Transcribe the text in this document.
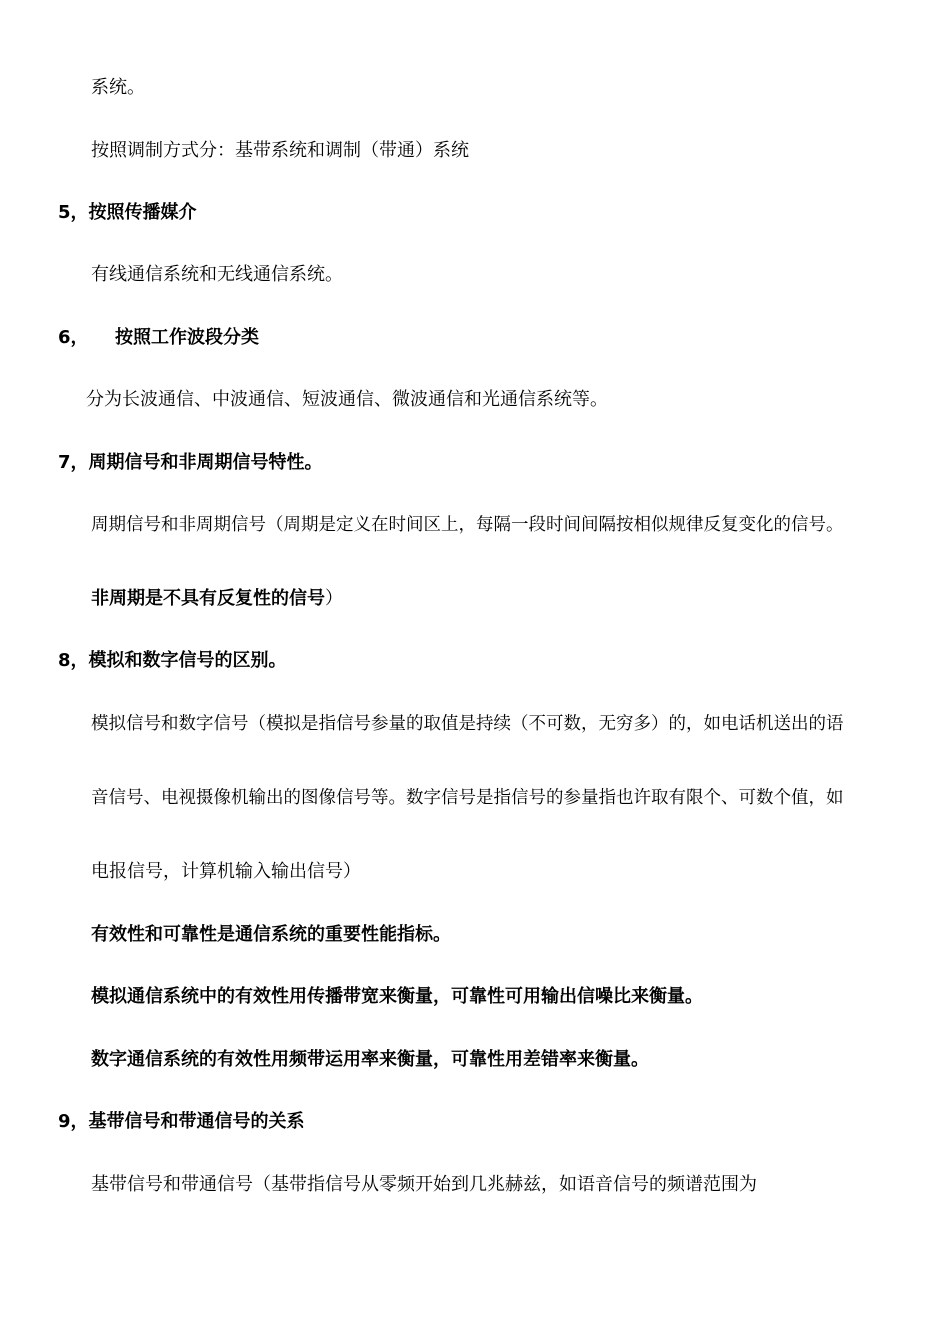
系统。
按照调制方式分：基带系统和调制（带通）系统
5，按照传播媒介
有线通信系统和无线通信系统。
6， 按照工作波段分类
分为长波通信、中波通信、短波通信、微波通信和光通信系统等。
7，周期信号和非周期信号特性。
周期信号和非周期信号（周期是定义在时间区上，每隔一段时间间隔按相似规律反复变化的信号。
非周期是不具有反复性的信号）
8，模拟和数字信号的区别。
模拟信号和数字信号（模拟是指信号参量的取值是持续（不可数，无穷多）的，如电话机送出的语
音信号、电视摄像机输出的图像信号等。数字信号是指信号的参量指也许取有限个、可数个值，如
电报信号，计算机输入输出信号）
有效性和可靠性是通信系统的重要性能指标。
模拟通信系统中的有效性用传播带宽来衡量，可靠性可用输出信噪比来衡量。
数字通信系统的有效性用频带运用率来衡量，可靠性用差错率来衡量。
9，基带信号和带通信号的关系
基带信号和带通信号（基带指信号从零频开始到几兆赫兹，如语音信号的频谱范围为
